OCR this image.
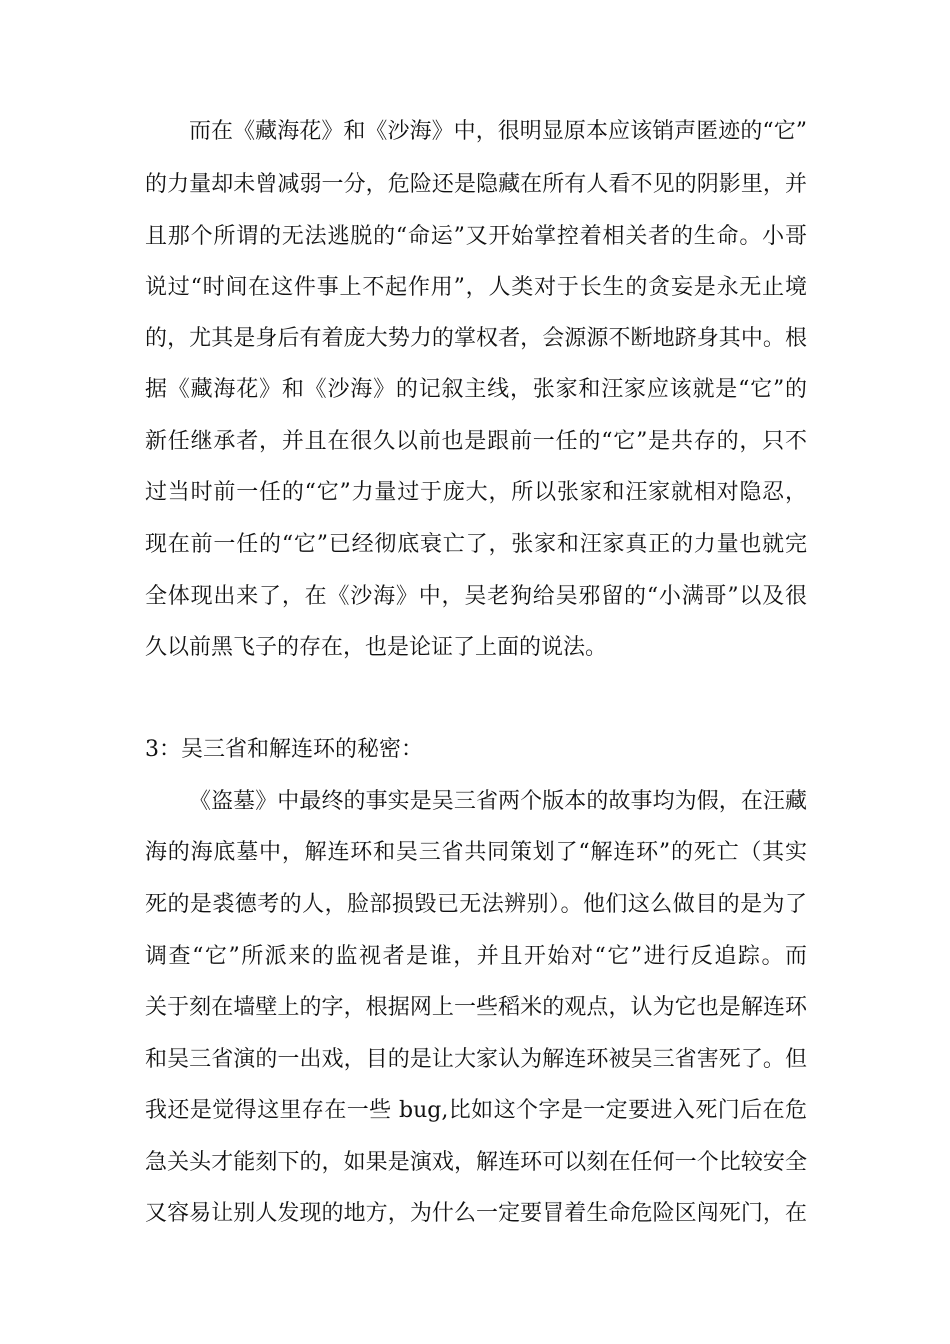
而在《藏海花》和《沙海》中，很明显原本应该销声匿迹的“它”
的力量却未曾减弱一分，危险还是隐藏在所有人看不见的阴影里，并
且那个所谓的无法逃脱的“命运”又开始掌控着相关者的生命。小哥
说过“时间在这件事上不起作用”，人类对于长生的贪妄是永无止境
的，尤其是身后有着庞大势力的掌权者，会源源不断地跻身其中。根
据《藏海花》和《沙海》的记叙主线，张家和汪家应该就是“它”的
新任继承者，并且在很久以前也是跟前一任的“它”是共存的，只不
过当时前一任的“它”力量过于庞大，所以张家和汪家就相对隐忍，
现在前一任的“它”已经彻底衰亡了，张家和汪家真正的力量也就完
全体现出来了，在《沙海》中，吴老狗给吴邪留的“小满哥”以及很
久以前黑飞子的存在，也是论证了上面的说法。
3：吴三省和解连环的秘密：
《盗墓》中最终的事实是吴三省两个版本的故事均为假，在汪藏
海的海底墓中，解连环和吴三省共同策划了“解连环”的死亡（其实
死的是裘德考的人，脸部损毁已无法辨别）。他们这么做目的是为了
调查“它”所派来的监视者是谁，并且开始对“它”进行反追踪。而
关于刻在墙壁上的字，根据网上一些稻米的观点，认为它也是解连环
和吴三省演的一出戏，目的是让大家认为解连环被吴三省害死了。但
我还是觉得这里存在一些 bug,比如这个字是一定要进入死门后在危
急关头才能刻下的，如果是演戏，解连环可以刻在任何一个比较安全
又容易让别人发现的地方，为什么一定要冒着生命危险区闯死门，在
